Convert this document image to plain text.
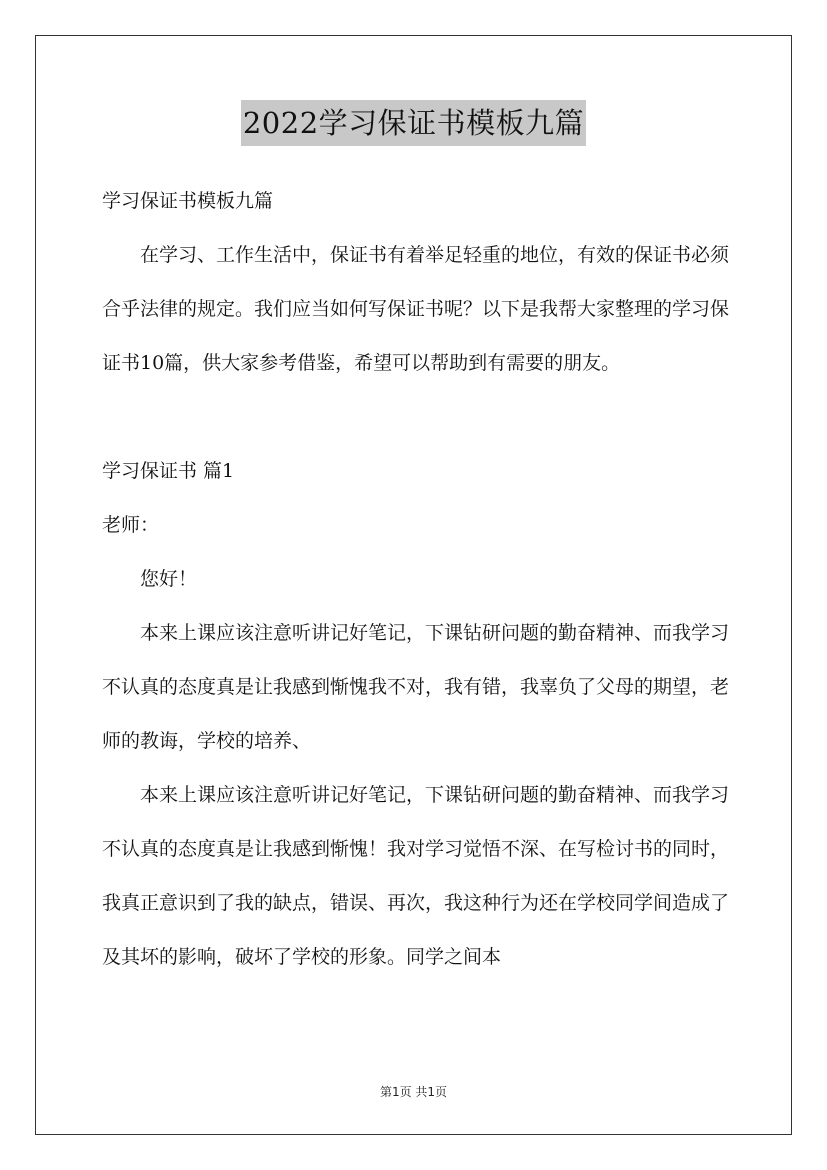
2022学习保证书模板九篇

学习保证书模板九篇

在学习、工作生活中，保证书有着举足轻重的地位，有效的保证书必须合乎法律的规定。我们应当如何写保证书呢？以下是我帮大家整理的学习保证书10篇，供大家参考借鉴，希望可以帮助到有需要的朋友。

学习保证书 篇1

老师：

您好！

本来上课应该注意听讲记好笔记，下课钻研问题的勤奋精神、而我学习不认真的态度真是让我感到惭愧我不对，我有错，我辜负了父母的期望，老师的教诲，学校的培养、

本来上课应该注意听讲记好笔记，下课钻研问题的勤奋精神、而我学习不认真的态度真是让我感到惭愧！我对学习觉悟不深、在写检讨书的同时，我真正意识到了我的缺点，错误、再次，我这种行为还在学校同学间造成了及其坏的影响，破坏了学校的形象。同学之间本

第1页 共1页
